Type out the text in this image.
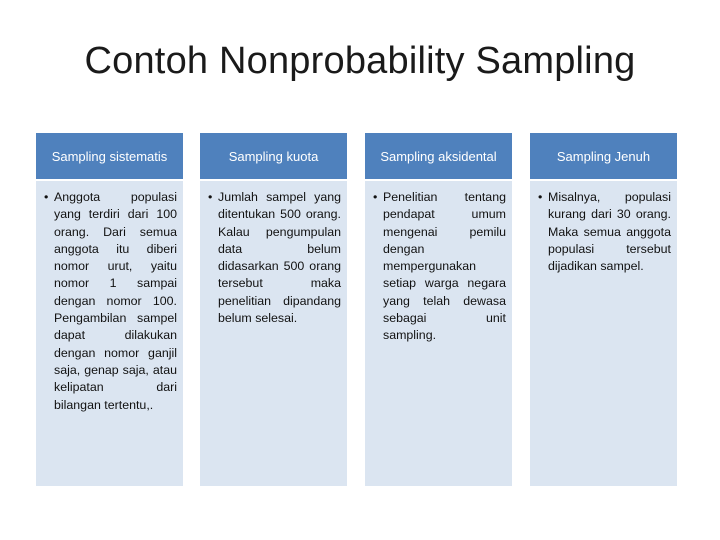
Contoh Nonprobability Sampling
Sampling sistematis
• Anggota populasi yang terdiri dari 100 orang. Dari semua anggota itu diberi nomor urut, yaitu nomor 1 sampai dengan nomor 100. Pengambilan sampel dapat dilakukan dengan nomor ganjil saja, genap saja, atau kelipatan dari bilangan tertentu,.
Sampling kuota
• Jumlah sampel yang ditentukan 500 orang. Kalau pengumpulan data belum didasarkan 500 orang tersebut maka penelitian dipandang belum selesai.
Sampling aksidental
• Penelitian tentang pendapat umum mengenai pemilu dengan mempergunakan setiap warga negara yang telah dewasa sebagai unit sampling.
Sampling Jenuh
• Misalnya, populasi kurang dari 30 orang. Maka semua anggota populasi tersebut dijadikan sampel.
